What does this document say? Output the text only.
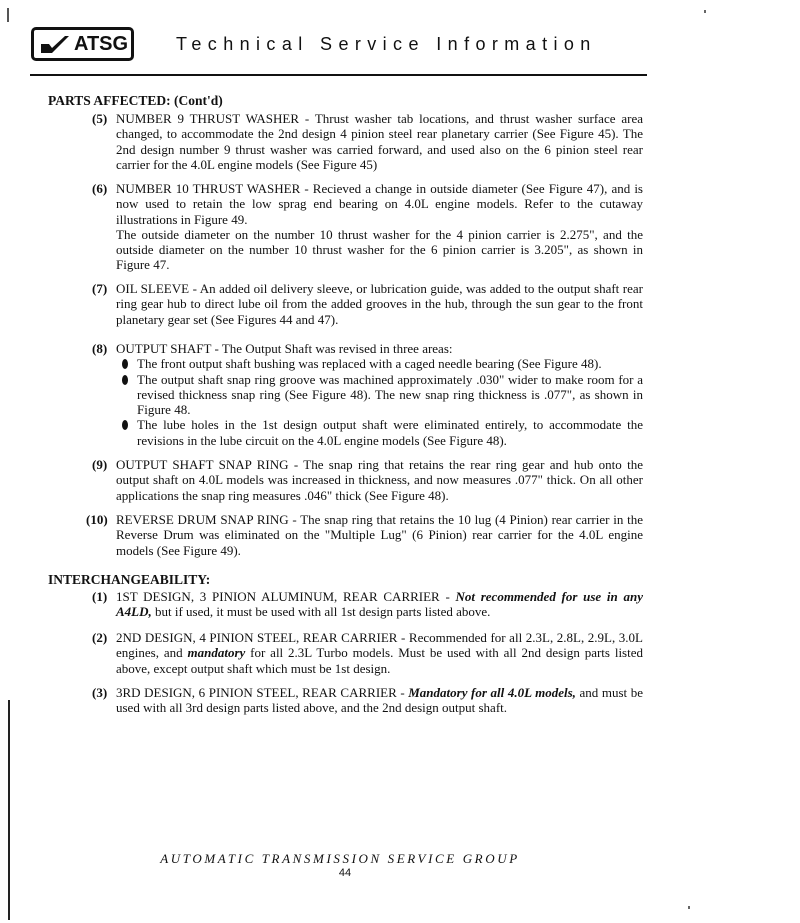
ATSG	Technical Service Information
PARTS AFFECTED: (Cont'd)
(5) NUMBER 9 THRUST WASHER - Thrust washer tab locations, and thrust washer surface area changed, to accommodate the 2nd design 4 pinion steel rear planetary carrier (See Figure 45). The 2nd design number 9 thrust washer was carried forward, and used also on the 6 pinion steel rear carrier for the 4.0L engine models (See Figure 45)

(6) NUMBER 10 THRUST WASHER - Recieved a change in outside diameter (See Figure 47), and is now used to retain the low sprag end bearing on 4.0L engine models. Refer to the cutaway illustrations in Figure 49.

The outside diameter on the number 10 thrust washer for the 4 pinion carrier is 2.275", and the outside diameter on the number 10 thrust washer for the 6 pinion carrier is 3.205", as shown in Figure 47.

(7) OIL SLEEVE - An added oil delivery sleeve, or lubrication guide, was added to the output shaft rear ring gear hub to direct lube oil from the added grooves in the hub, through the sun gear to the front planetary gear set (See Figures 44 and 47).

(8) OUTPUT SHAFT - The Output Shaft was revised in three areas:

The front output shaft bushing was replaced with a caged needle bearing (See Figure 48).
The output shaft snap ring groove was machined approximately .030" wider to make room for a revised thickness snap ring (See Figure 48). The new snap ring thickness is .077", as shown in Figure 48.
The lube holes in the 1st design output shaft were eliminated entirely, to accommodate the revisions in the lube circuit on the 4.0L engine models (See Figure 48).
(9) OUTPUT SHAFT SNAP RING - The snap ring that retains the rear ring gear and hub onto the output shaft on 4.0L models was increased in thickness, and now measures .077" thick. On all other applications the snap ring measures .046" thick (See Figure 48).

(10) REVERSE DRUM SNAP RING - The snap ring that retains the 10 lug (4 Pinion) rear carrier in the Reverse Drum was eliminated on the "Multiple Lug" (6 Pinion) rear carrier for the 4.0L engine models (See Figure 49).

INTERCHANGEABILITY:
(1) 1ST DESIGN, 3 PINION ALUMINUM, REAR CARRIER - Not recommended for use in any A4LD, but if used, it must be used with all 1st design parts listed above.

(2) 2ND DESIGN, 4 PINION STEEL, REAR CARRIER - Recommended for all 2.3L, 2.8L, 2.9L, 3.0L engines, and mandatory for all 2.3L Turbo models. Must be used with all 2nd design parts listed above, except output shaft which must be 1st design.

(3) 3RD DESIGN, 6 PINION STEEL, REAR CARRIER - Mandatory for all 4.0L models, and must be used with all 3rd design parts listed above, and the 2nd design output shaft.

AUTOMATIC TRANSMISSION SERVICE GROUP
44
